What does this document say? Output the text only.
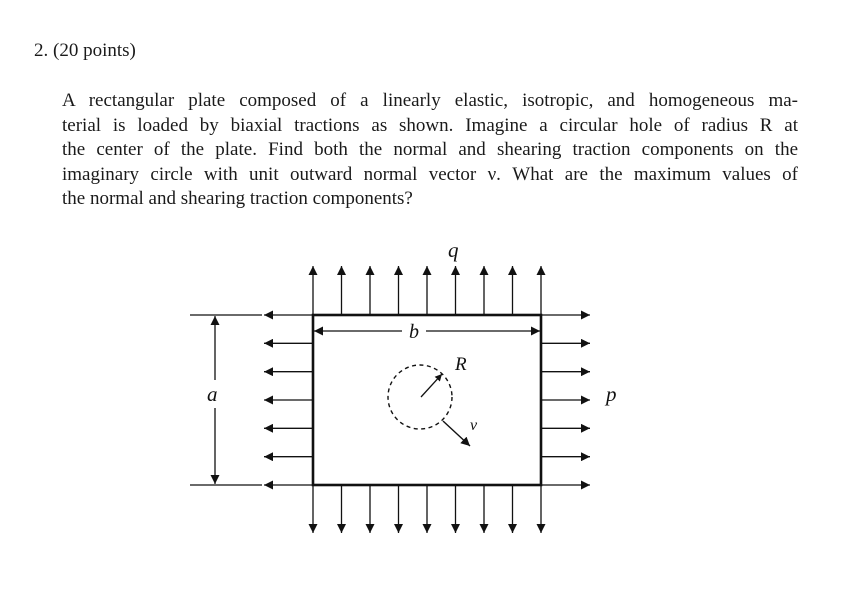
2. (20 points)
A rectangular plate composed of a linearly elastic, isotropic, and homogeneous ma-
terial is loaded by biaxial tractions as shown. Imagine a circular hole of radius R at
the center of the plate. Find both the normal and shearing traction components on the
imaginary circle with unit outward normal vector ν. What are the maximum values of
the normal and shearing traction components?
q
b
R
ν
a	p
